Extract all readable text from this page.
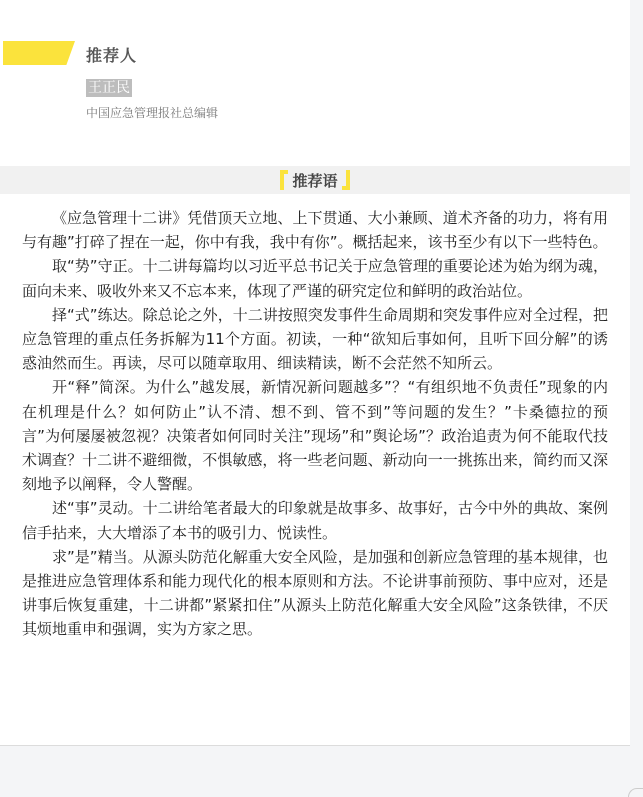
推荐人
王正民
中国应急管理报社总编辑
推荐语

《应急管理十二讲》凭借顶天立地、上下贯通、大小兼顾、道术齐备的功力，将有用与有趣”打碎了捏在一起，你中有我，我中有你”。概括起来，该书至少有以下一些特色。

取“势”守正。十二讲每篇均以习近平总书记关于应急管理的重要论述为始为纲为魂，面向未来、吸收外来又不忘本来，体现了严谨的研究定位和鲜明的政治站位。

择“式”练达。除总论之外，十二讲按照突发事件生命周期和突发事件应对全过程，把应急管理的重点任务拆解为11个方面。初读，一种“欲知后事如何，且听下回分解”的诱惑油然而生。再读，尽可以随章取用、细读精读，断不会茫然不知所云。

开“释”简深。为什么”越发展，新情况新问题越多”？“有组织地不负责任”现象的内在机理是什么？如何防止”认不清、想不到、管不到”等问题的发生？”卡桑德拉的预言”为何屡屡被忽视？决策者如何同时关注”现场”和”舆论场”？政治追责为何不能取代技术调查？十二讲不避细微，不惧敏感，将一些老问题、新动向一一挑拣出来，简约而又深刻地予以阐释，令人警醒。

述“事”灵动。十二讲给笔者最大的印象就是故事多、故事好，古今中外的典故、案例信手拈来，大大增添了本书的吸引力、悦读性。

求”是”精当。从源头防范化解重大安全风险，是加强和创新应急管理的基本规律，也是推进应急管理体系和能力现代化的根本原则和方法。不论讲事前预防、事中应对，还是讲事后恢复重建，十二讲都”紧紧扣住”从源头上防范化解重大安全风险”这条铁律，不厌其烦地重申和强调，实为方家之思。
